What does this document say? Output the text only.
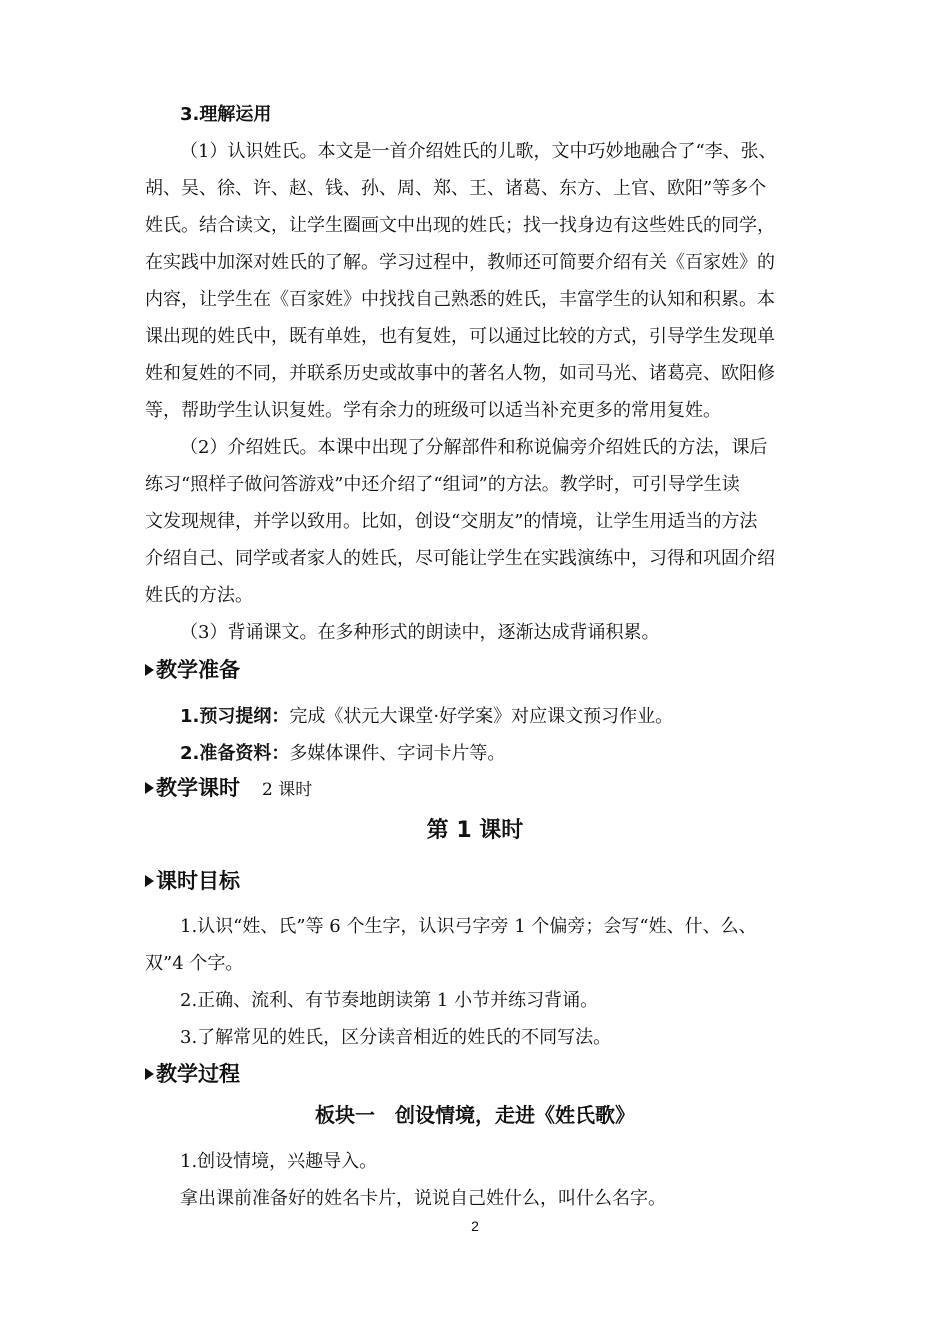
3.理解运用
（1）认识姓氏。本文是一首介绍姓氏的儿歌，文中巧妙地融合了“李、张、
胡、吴、徐、许、赵、钱、孙、周、郑、王、诸葛、东方、上官、欧阳”等多个
姓氏。结合读文，让学生圈画文中出现的姓氏；找一找身边有这些姓氏的同学，
在实践中加深对姓氏的了解。学习过程中，教师还可简要介绍有关《百家姓》的
内容，让学生在《百家姓》中找找自己熟悉的姓氏，丰富学生的认知和积累。本
课出现的姓氏中，既有单姓，也有复姓，可以通过比较的方式，引导学生发现单
姓和复姓的不同，并联系历史或故事中的著名人物，如司马光、诸葛亮、欧阳修
等，帮助学生认识复姓。学有余力的班级可以适当补充更多的常用复姓。
（2）介绍姓氏。本课中出现了分解部件和称说偏旁介绍姓氏的方法，课后
练习“照样子做问答游戏”中还介绍了“组词”的方法。教学时，可引导学生读
文发现规律，并学以致用。比如，创设“交朋友”的情境，让学生用适当的方法
介绍自己、同学或者家人的姓氏，尽可能让学生在实践演练中，习得和巩固介绍
姓氏的方法。
（3）背诵课文。在多种形式的朗读中，逐渐达成背诵积累。
教学准备
1.预习提纲：完成《状元大课堂·好学案》对应课文预习作业。
2.准备资料：多媒体课件、字词卡片等。
教学课时 2 课时
第 1 课时
课时目标
1.认识“姓、氏”等 6 个生字，认识弓字旁 1 个偏旁；会写“姓、什、么、
双”4 个字。
2.正确、流利、有节奏地朗读第 1 小节并练习背诵。
3.了解常见的姓氏，区分读音相近的姓氏的不同写法。
教学过程
板块一　创设情境，走进《姓氏歌》
1.创设情境，兴趣导入。
拿出课前准备好的姓名卡片，说说自己姓什么，叫什么名字。
2
